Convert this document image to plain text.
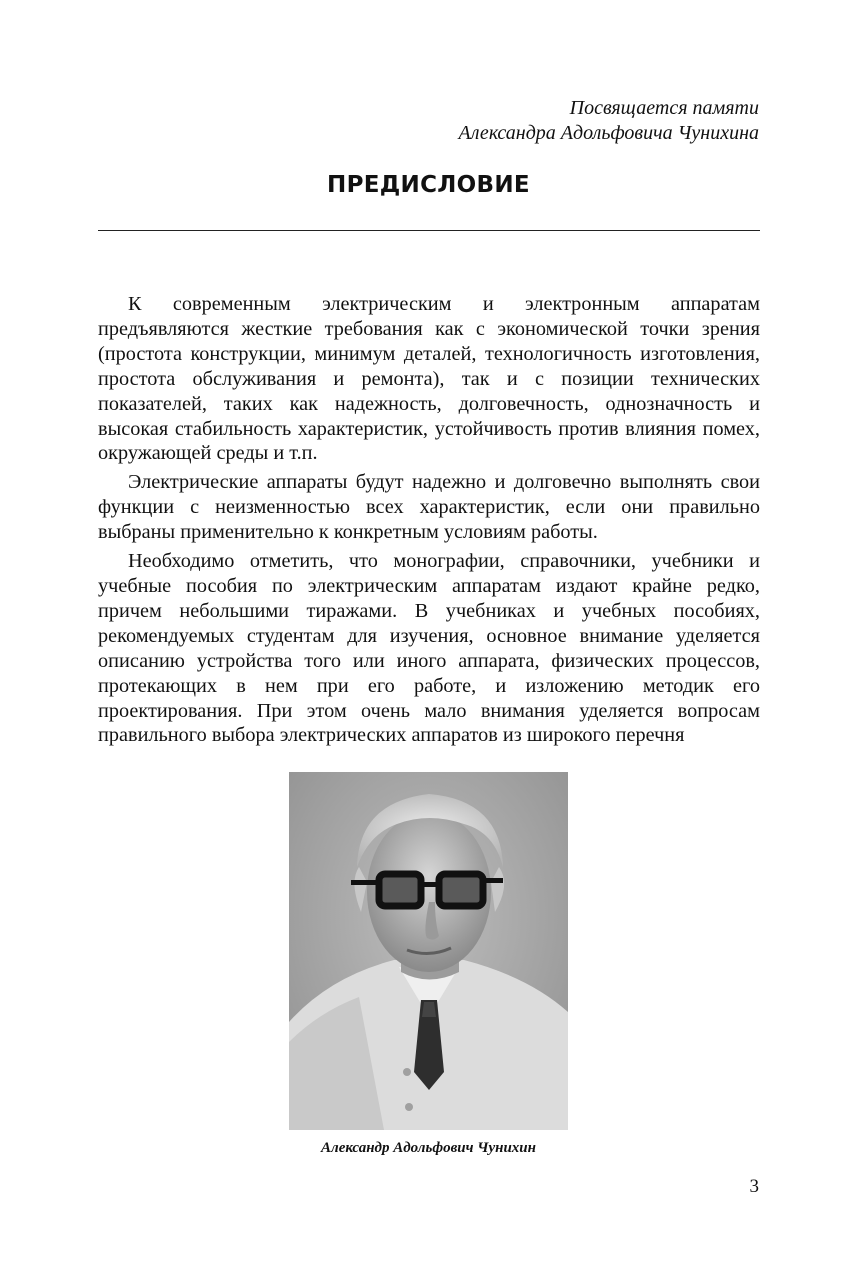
Посвящается памяти
Александра Адольфовича Чунихина
ПРЕДИСЛОВИЕ

К современным электрическим и электронным аппаратам предъявляются жесткие требования как с экономической точки зрения (простота конструкции, минимум деталей, технологичность изготовления, простота обслуживания и ремонта), так и с позиции технических показателей, таких как надежность, долговечность, однозначность и высокая стабильность характеристик, устойчивость против влияния помех, окружающей среды и т.п.

Электрические аппараты будут надежно и долговечно выполнять свои функции с неизменностью всех характеристик, если они правильно выбраны применительно к конкретным условиям работы.

Необходимо отметить, что монографии, справочники, учебники и учебные пособия по электрическим аппаратам издают крайне редко, причем небольшими тиражами. В учебниках и учебных пособиях, рекомендуемых студентам для изучения, основное внимание уделяется описанию устройства того или иного аппарата, физических процессов, протекающих в нем при его работе, и изложению методик его проектирования. При этом очень мало внимания уделяется вопросам правильного выбора электрических аппаратов из широкого перечня

Александр Адольфович Чунихин
3
